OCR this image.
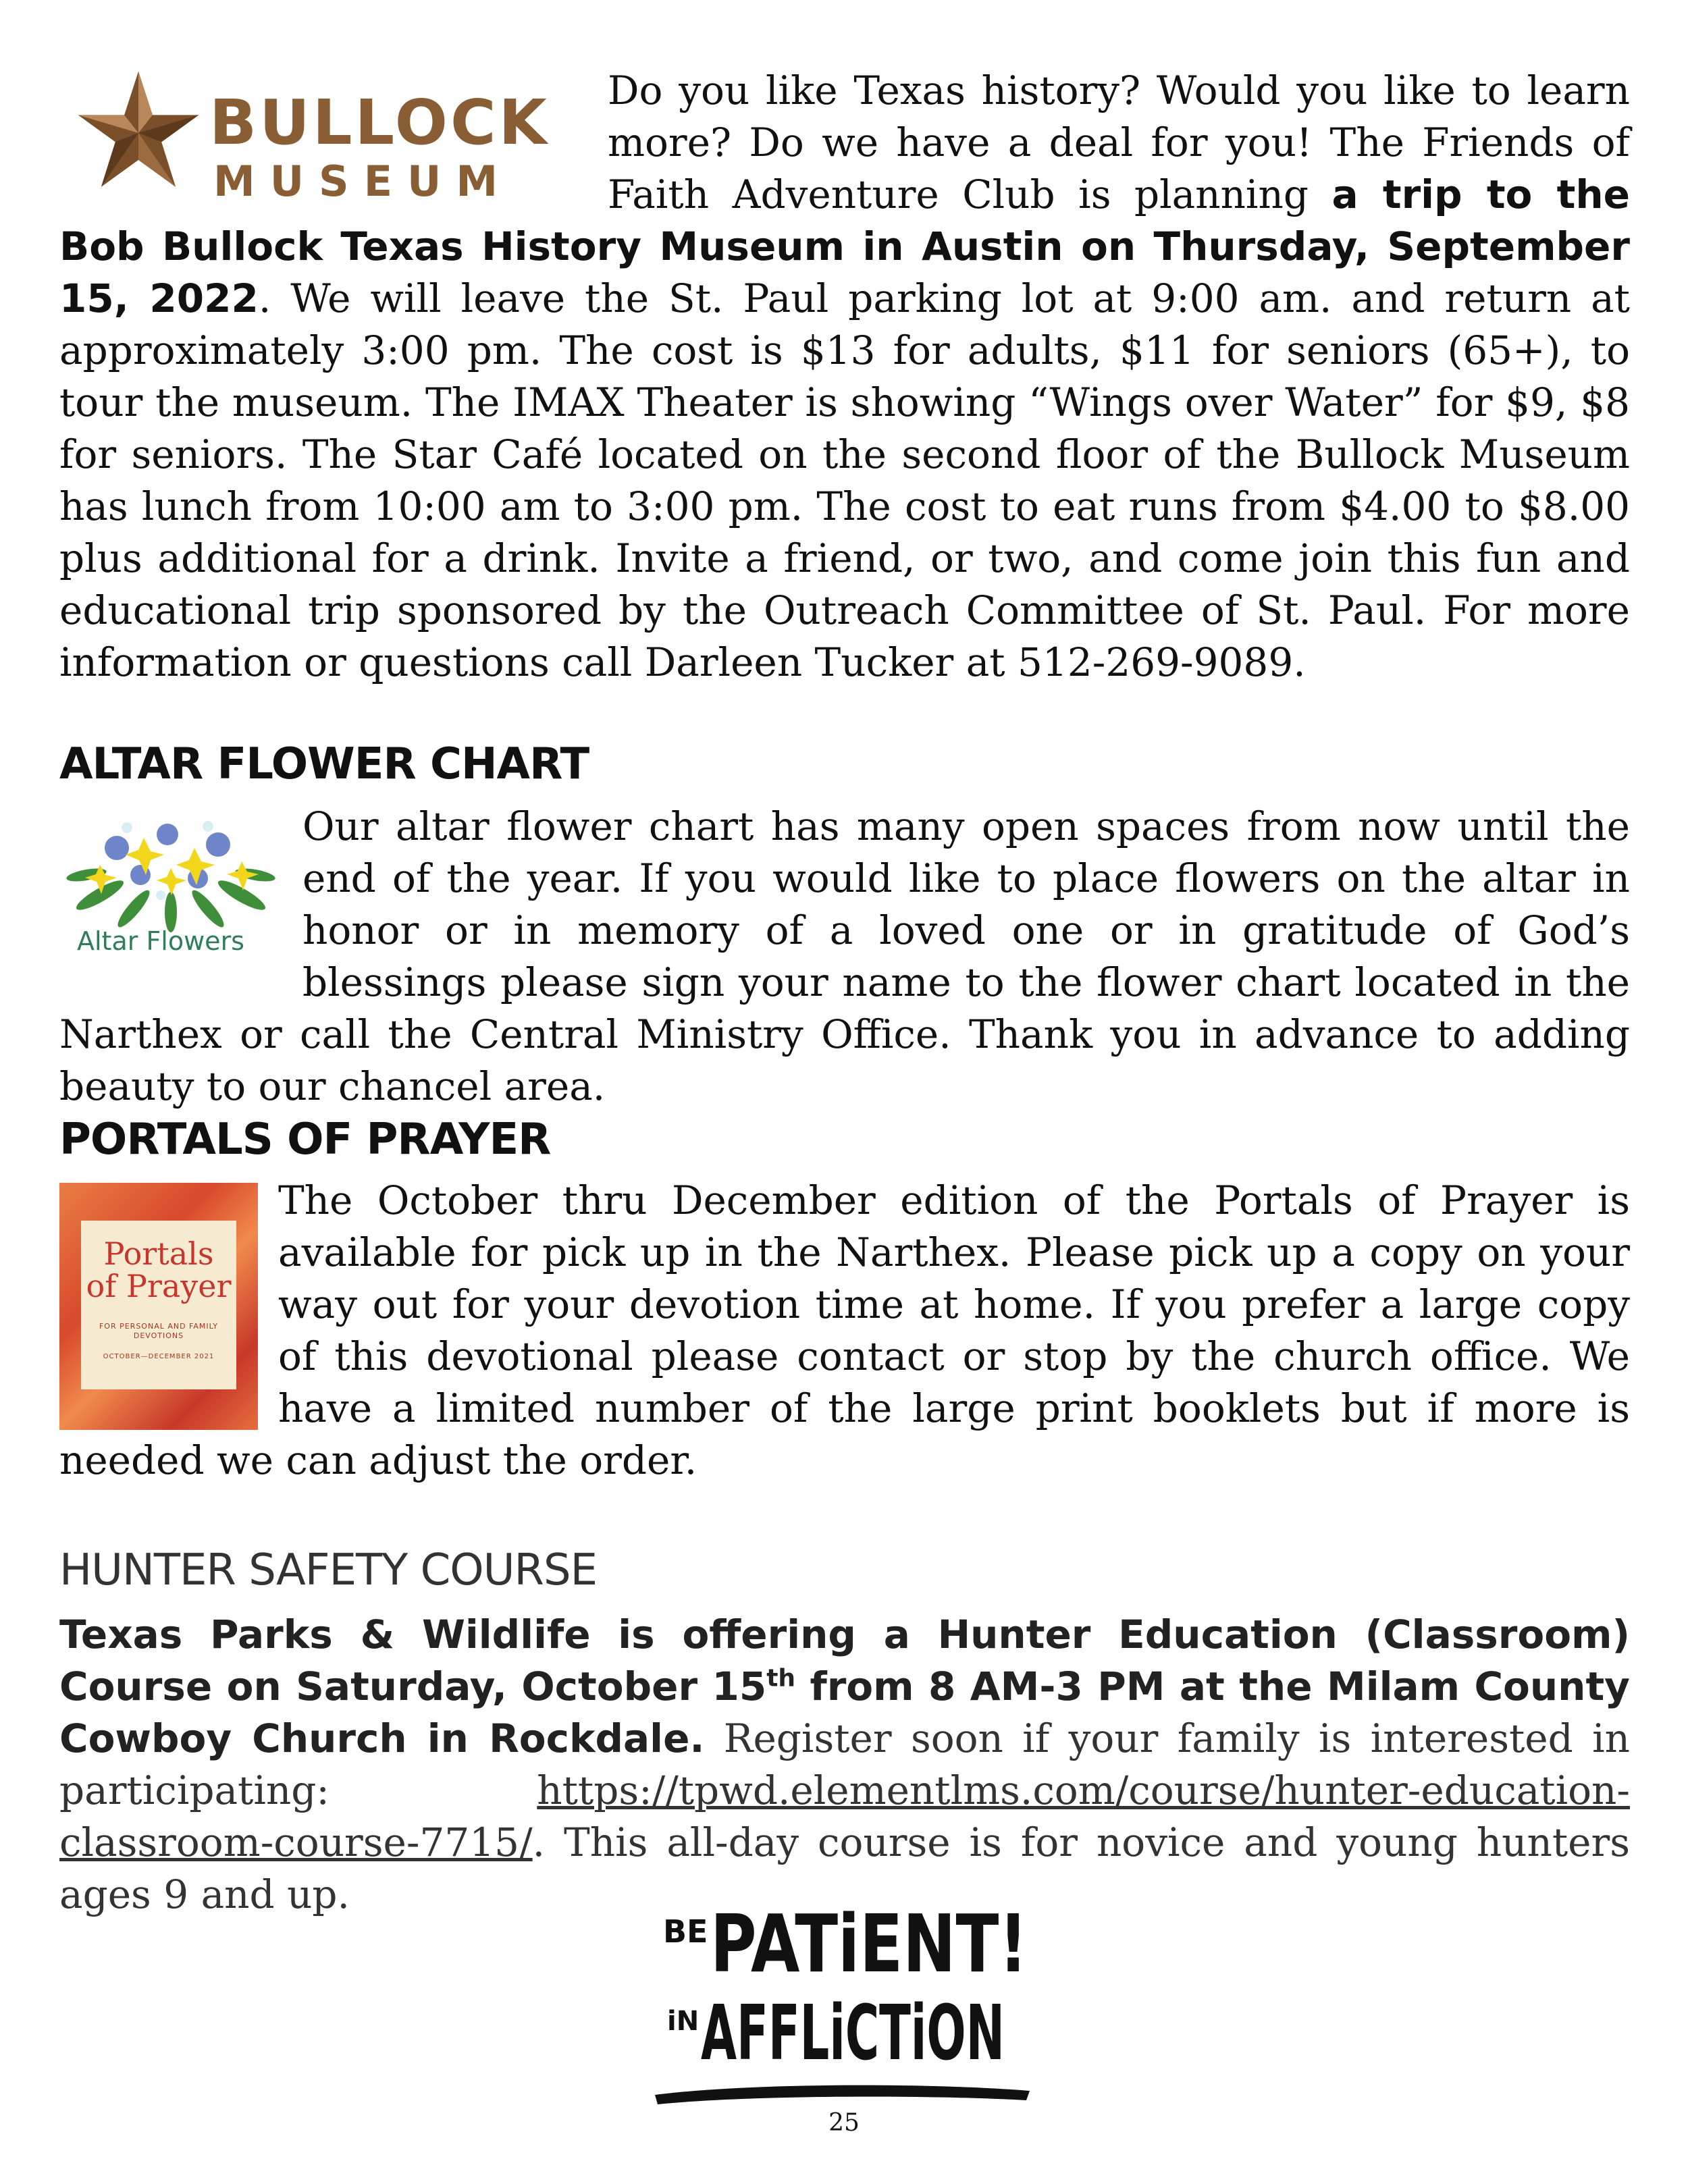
BULLOCK
MUSEUM

Do you like Texas history? Would you like to learn more? Do we have a deal for you! The Friends of Faith Adventure Club is planning a trip to the Bob Bullock Texas History Museum in Austin on Thursday, September 15, 2022. We will leave the St. Paul parking lot at 9:00 am. and return at approximately 3:00 pm. The cost is $13 for adults, $11 for seniors (65+), to tour the museum. The IMAX Theater is showing “Wings over Water” for $9, $8 for seniors. The Star Café located on the second floor of the Bullock Museum has lunch from 10:00 am to 3:00 pm. The cost to eat runs from $4.00 to $8.00 plus additional for a drink. Invite a friend, or two, and come join this fun and educational trip sponsored by the Outreach Committee of St. Paul. For more information or questions call Darleen Tucker at 512-269-9089.

ALTAR FLOWER CHART
Altar Flowers

Our altar flower chart has many open spaces from now until the end of the year. If you would like to place flowers on the altar in honor or in memory of a loved one or in gratitude of God’s blessings please sign your name to the flower chart located in the Narthex or call the Central Ministry Office. Thank you in advance to adding beauty to our chancel area.

PORTALS OF PRAYER
Portals
of Prayer
FOR PERSONAL AND FAMILY DEVOTIONS
OCTOBER—DECEMBER 2021

The October thru December edition of the Portals of Prayer is available for pick up in the Narthex. Please pick up a copy on your way out for your devotion time at home. If you prefer a large copy of this devotional please contact or stop by the church office. We have a limited number of the large print booklets but if more is needed we can adjust the order.

HUNTER SAFETY COURSE

Texas Parks & Wildlife is offering a Hunter Education (Classroom) Course on Saturday, October 15th from 8 AM-3 PM at the Milam County Cowboy Church in Rockdale. Register soon if your family is interested in participating: https://tpwd.elementlms.com/course/hunter-education-classroom-course-7715/. This all-day course is for novice and young hunters ages 9 and up.

BE PATiENT!
iN AFFLiCTiON
25
